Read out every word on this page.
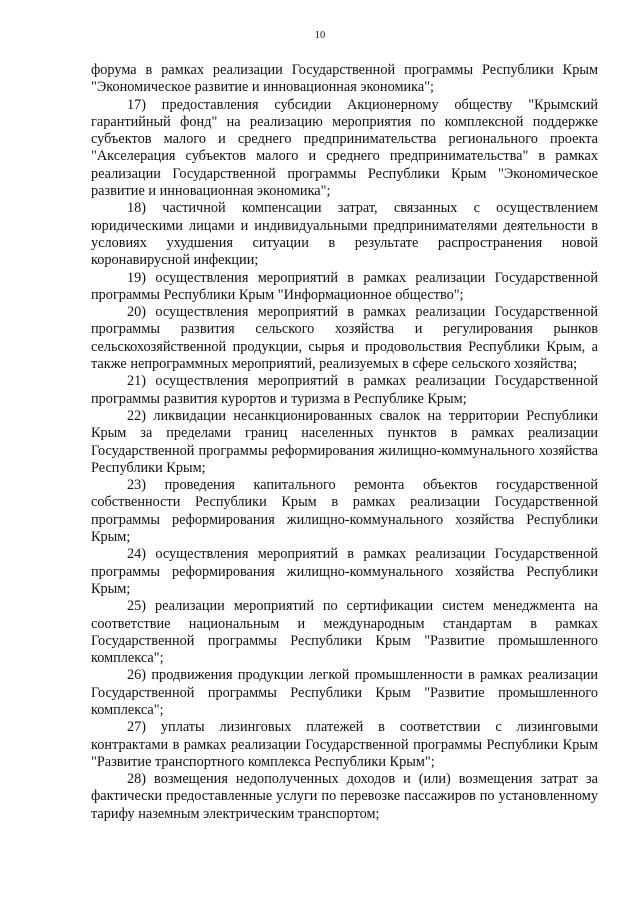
10

форума в рамках реализации Государственной программы Республики Крым "Экономическое развитие и инновационная экономика";

17) предоставления субсидии Акционерному обществу "Крымский гарантийный фонд" на реализацию мероприятия по комплексной поддержке субъектов малого и среднего предпринимательства регионального проекта "Акселерация субъектов малого и среднего предпринимательства" в рамках реализации Государственной программы Республики Крым "Экономическое развитие и инновационная экономика";

18) частичной компенсации затрат, связанных с осуществлением юридическими лицами и индивидуальными предпринимателями деятельности в условиях ухудшения ситуации в результате распространения новой коронавирусной инфекции;

19) осуществления мероприятий в рамках реализации Государственной программы Республики Крым "Информационное общество";

20) осуществления мероприятий в рамках реализации Государственной программы развития сельского хозяйства и регулирования рынков сельскохозяйственной продукции, сырья и продовольствия Республики Крым, а также непрограммных мероприятий, реализуемых в сфере сельского хозяйства;

21) осуществления мероприятий в рамках реализации Государственной программы развития курортов и туризма в Республике Крым;

22) ликвидации несанкционированных свалок на территории Республики Крым за пределами границ населенных пунктов в рамках реализации Государственной программы реформирования жилищно-коммунального хозяйства Республики Крым;

23) проведения капитального ремонта объектов государственной собственности Республики Крым в рамках реализации Государственной программы реформирования жилищно-коммунального хозяйства Республики Крым;

24) осуществления мероприятий в рамках реализации Государственной программы реформирования жилищно-коммунального хозяйства Республики Крым;

25) реализации мероприятий по сертификации систем менеджмента на соответствие национальным и международным стандартам в рамках Государственной программы Республики Крым "Развитие промышленного комплекса";

26) продвижения продукции легкой промышленности в рамках реализации Государственной программы Республики Крым "Развитие промышленного комплекса";

27) уплаты лизинговых платежей в соответствии с лизинговыми контрактами в рамках реализации Государственной программы Республики Крым "Развитие транспортного комплекса Республики Крым";

28) возмещения недополученных доходов и (или) возмещения затрат за фактически предоставленные услуги по перевозке пассажиров по установленному тарифу наземным электрическим транспортом;
